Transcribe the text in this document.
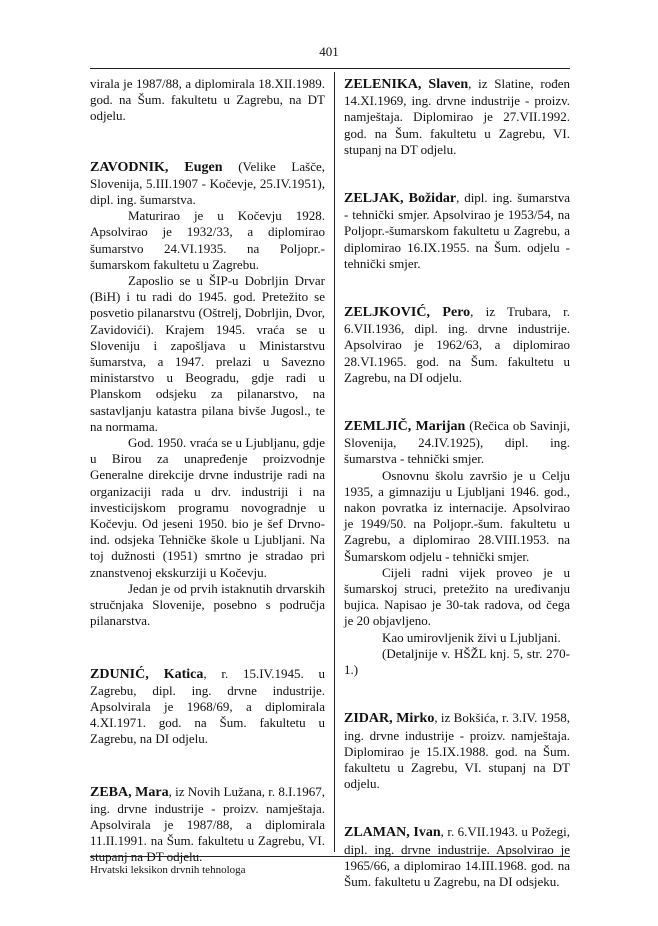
401

virala je 1987/88, a diplomirala 18.XII.1989. god. na Šum. fakultetu u Zagrebu, na DT odjelu.

ZAVODNIK, Eugen (Velike Lašče, Slovenija, 5.III.1907 - Kočevje, 25.IV.1951), dipl. ing. šumarstva.

Maturirao je u Kočevju 1928. Apsolvirao je 1932/33, a diplomirao šumarstvo 24.VI.1935. na Poljopr.-šumarskom fakultetu u Zagrebu.

Zaposlio se u ŠIP-u Dobrljin Drvar (BiH) i tu radi do 1945. god. Pretežito se posvetio pilanarstvu (Oštrelj, Dobrljin, Dvor, Zavidovići). Krajem 1945. vraća se u Sloveniju i zapošljava u Ministarstvu šumarstva, a 1947. prelazi u Savezno ministarstvo u Beogradu, gdje radi u Planskom odsjeku za pilanarstvo, na sastavljanju katastra pilana bivše Jugosl., te na normama.

God. 1950. vraća se u Ljubljanu, gdje u Birou za unapređenje proizvodnje Generalne direkcije drvne industrije radi na organizaciji rada u drv. industriji i na investicijskom programu novogradnje u Kočevju. Od jeseni 1950. bio je šef Drvno-ind. odsjeka Tehničke škole u Ljubljani. Na toj dužnosti (1951) smrtno je stradao pri znanstvenoj ekskurziji u Kočevju.

Jedan je od prvih istaknutih drvarskih stručnjaka Slovenije, posebno s područja pilanarstva.

ZDUNIĆ, Katica, r. 15.IV.1945. u Zagrebu, dipl. ing. drvne industrije. Apsolvirala je 1968/69, a diplomirala 4.XI.1971. god. na Šum. fakultetu u Zagrebu, na DI odjelu.

ZEBA, Mara, iz Novih Lužana, r. 8.I.1967, ing. drvne industrije - proizv. namještaja. Apsolvirala je 1987/88, a diplomirala 11.II.1991. na Šum. fakultetu u Zagrebu, VI. stupanj na DT odjelu.

ZELENIKA, Slaven, iz Slatine, rođen 14.XI.1969, ing. drvne industrije - proizv. namještaja. Diplomirao je 27.VII.1992. god. na Šum. fakultetu u Zagrebu, VI. stupanj na DT odjelu.

ZELJAK, Božidar, dipl. ing. šumarstva - tehnički smjer. Apsolvirao je 1953/54, na Poljopr.-šumarskom fakultetu u Zagrebu, a diplomirao 16.IX.1955. na Šum. odjelu - tehnički smjer.

ZELJKOVIĆ, Pero, iz Trubara, r. 6.VII.1936, dipl. ing. drvne industrije. Apsolvirao je 1962/63, a diplomirao 28.VI.1965. god. na Šum. fakultetu u Zagrebu, na DI odjelu.

ZEMLJIČ, Marijan (Rečica ob Savinji, Slovenija, 24.IV.1925), dipl. ing. šumarstva - tehnički smjer.

Osnovnu školu završio je u Celju 1935, a gimnaziju u Ljubljani 1946. god., nakon povratka iz internacije. Apsolvirao je 1949/50. na Poljopr.-šum. fakultetu u Zagrebu, a diplomirao 28.VIII.1953. na Šumarskom odjelu - tehnički smjer.

Cijeli radni vijek proveo je u šumarskoj struci, pretežito na uređivanju bujica. Napisao je 30-tak radova, od čega je 20 objavljeno.

Kao umirovljenik živi u Ljubljani.

(Detaljnije v. HŠŽL knj. 5, str. 270-1.)

ZIDAR, Mirko, iz Bokšića, r. 3.IV. 1958, ing. drvne industrije - proizv. namještaja. Diplomirao je 15.IX.1988. god. na Šum. fakultetu u Zagrebu, VI. stupanj na DT odjelu.

ZLAMAN, Ivan, r. 6.VII.1943. u Požegi, dipl. ing. drvne industrije. Apsolvirao je 1965/66, a diplomirao 14.III.1968. god. na Šum. fakultetu u Zagrebu, na DI odsjeku.

Hrvatski leksikon drvnih tehnologa
